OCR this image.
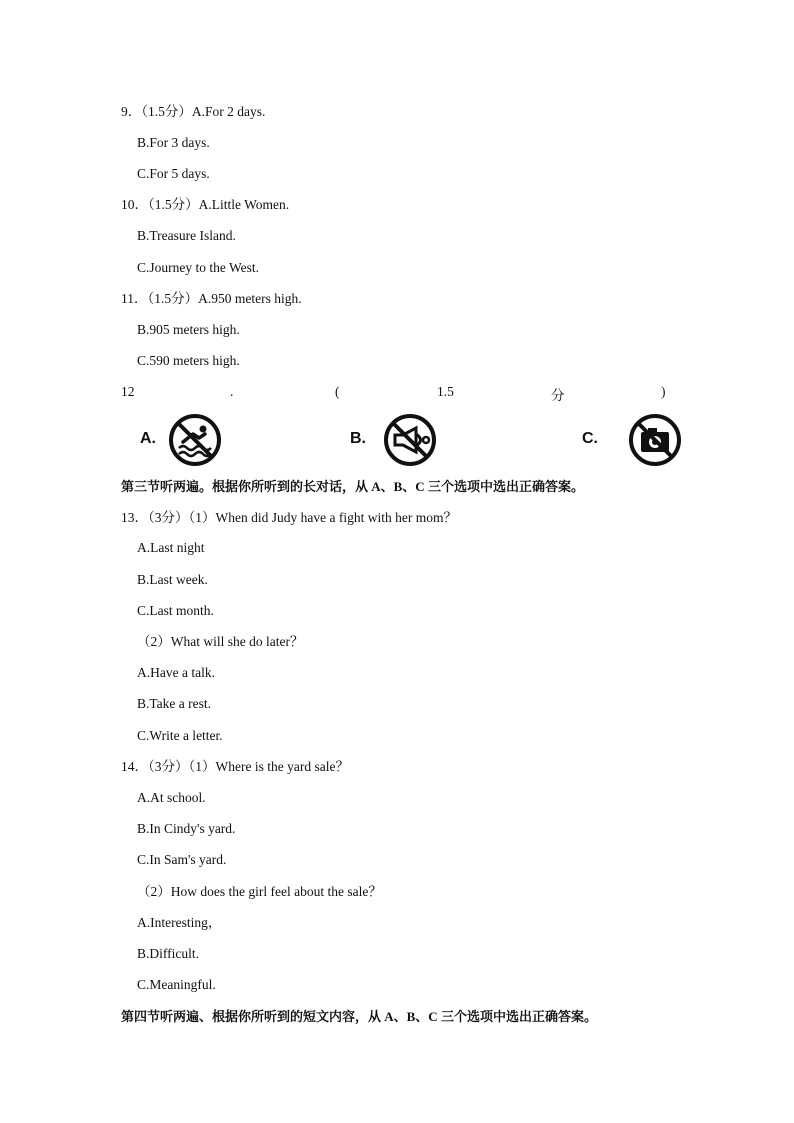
9．（1.5分）A.For 2 days.
B.For 3 days.
C.For 5 days.
10．（1.5分）A.Little Women.
B.Treasure Island.
C.Journey to the West.
11．（1.5分）A.950 meters high.
B.905 meters high.
C.590 meters high.
12	.	(	1.5	分	)
A.	B.	C.
第三节听两遍。根据你所听到的长对话，从 A、B、C 三个选项中选出正确答案。
13．（3分）（1）When did Judy have a fight with her mom？
A.Last night
B.Last week.
C.Last month.
（2）What will she do later？
A.Have a talk.
B.Take a rest.
C.Write a letter.
14．（3分）（1）Where is the yard sale？
A.At school.
B.In Cindy's yard.
C.In Sam's yard.
（2）How does the girl feel about the sale？
A.Interesting，
B.Difficult.
C.Meaningful.
第四节听两遍、根据你所听到的短文内容，从 A、B、C 三个选项中选出正确答案。
